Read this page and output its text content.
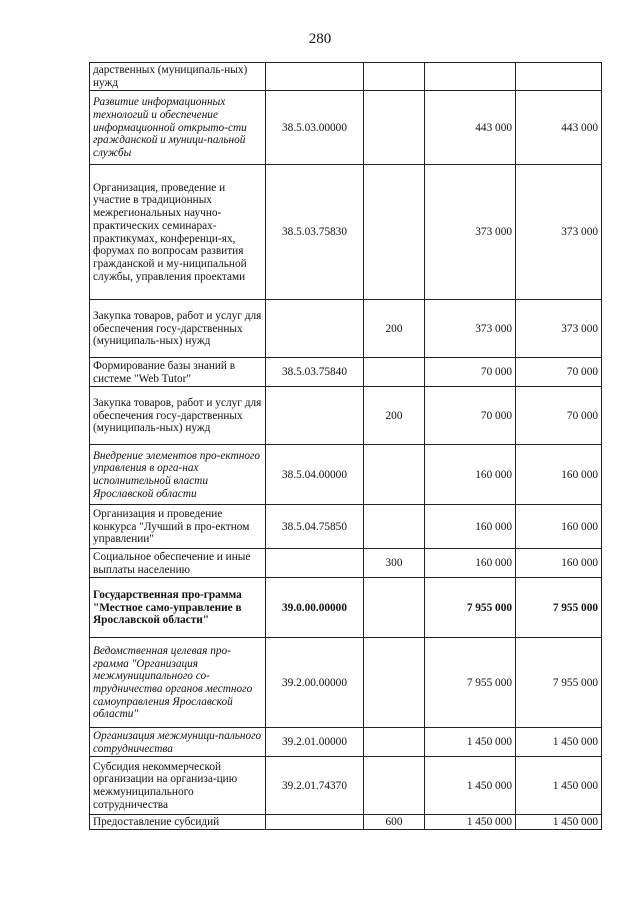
280
дарственных (муниципаль-ных) нужд				
Развитие информационных технологий и обеспечение информационной открыто-сти гражданской и муници-пальной службы	38.5.03.00000		443 000	443 000
Организация, проведение и участие в традиционных межрегиональных научно-практических семинарах-практикумах, конференци-ях, форумах по вопросам развития гражданской и му-ниципальной службы, управления проектами	38.5.03.75830		373 000	373 000
Закупка товаров, работ и услуг для обеспечения госу-дарственных (муниципаль-ных) нужд		200	373 000	373 000
Формирование базы знаний в системе "Web Tutor"	38.5.03.75840		70 000	70 000
Закупка товаров, работ и услуг для обеспечения госу-дарственных (муниципаль-ных) нужд		200	70 000	70 000
Внедрение элементов про-ектного управления в орга-нах исполнительной власти Ярославской области	38.5.04.00000		160 000	160 000
Организация и проведение конкурса "Лучший в про-ектном управлении"	38.5.04.75850		160 000	160 000
Социальное обеспечение и иные выплаты населению		300	160 000	160 000
Государственная про-грамма "Местное само-управление в Ярославской области"	39.0.00.00000		7 955 000	7 955 000
Ведомственная целевая про-грамма "Организация межмуниципального со-трудничества органов местного самоуправления Ярославской области"	39.2.00.00000		7 955 000	7 955 000
Организация межмуници-пального сотрудничества	39.2.01.00000		1 450 000	1 450 000
Субсидия некоммерческой организации на организа-цию межмуниципального сотрудничества	39.2.01.74370		1 450 000	1 450 000
Предоставление субсидий		600	1 450 000	1 450 000
